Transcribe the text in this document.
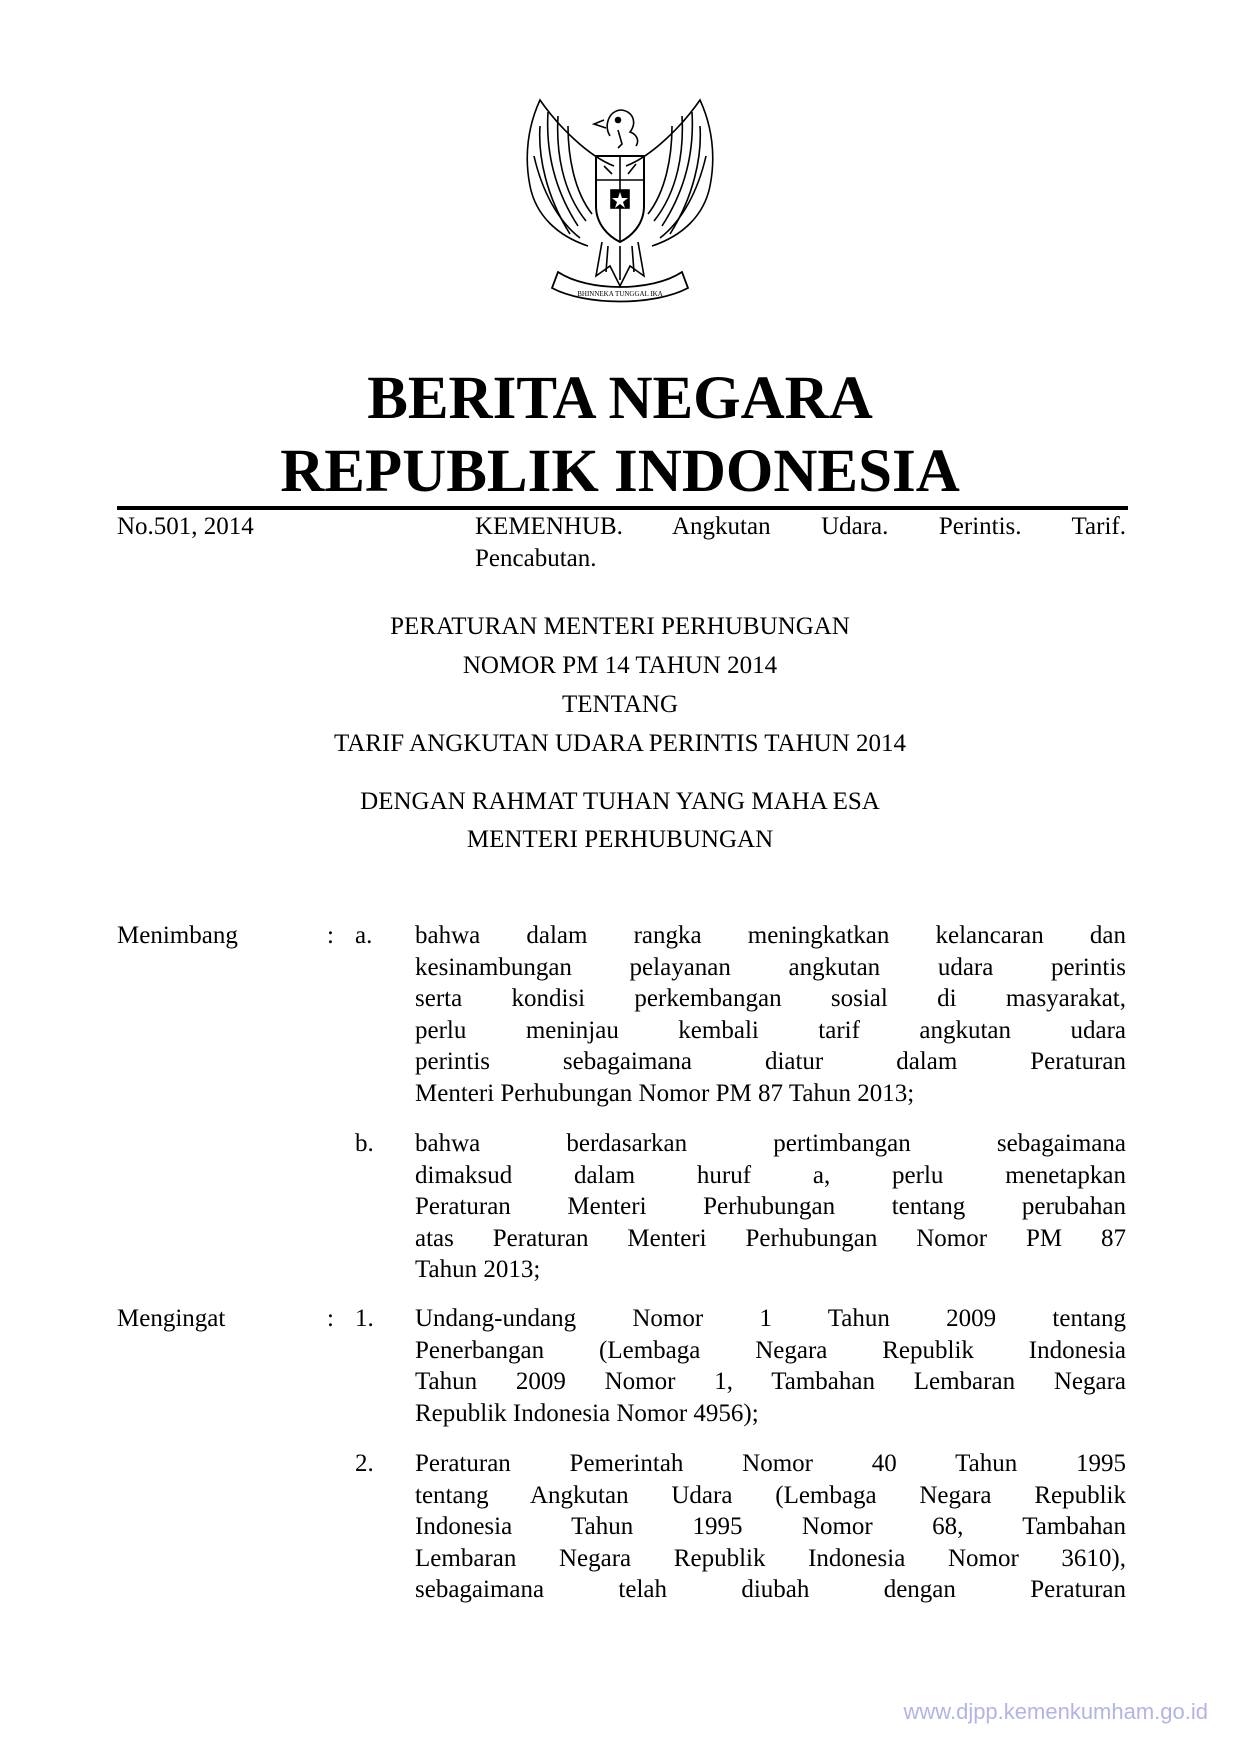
BHINNEKA TUNGGAL IKA
BERITA NEGARA
REPUBLIK INDONESIA
No.501, 2014	KEMENHUB. Angkutan Udara. Perintis. Tarif.
Pencabutan.
PERATURAN MENTERI PERHUBUNGAN
NOMOR PM 14 TAHUN 2014
TENTANG
TARIF ANGKUTAN UDARA PERINTIS TAHUN 2014
DENGAN RAHMAT TUHAN YANG MAHA ESA
MENTERI PERHUBUNGAN
Menimbang	: a. bahwa dalam rangka meningkatkan kelancaran dan
kesinambungan pelayanan angkutan udara perintis
serta kondisi perkembangan sosial di masyarakat,
perlu meninjau kembali tarif angkutan udara
perintis sebagaimana diatur dalam Peraturan
Menteri Perhubungan Nomor PM 87 Tahun 2013;
b. bahwa berdasarkan pertimbangan sebagaimana
dimaksud dalam huruf a, perlu menetapkan
Peraturan Menteri Perhubungan tentang perubahan
atas Peraturan Menteri Perhubungan Nomor PM 87
Tahun 2013;
Mengingat	: 1. Undang-undang Nomor 1 Tahun 2009 tentang
Penerbangan (Lembaga Negara Republik Indonesia
Tahun 2009 Nomor 1, Tambahan Lembaran Negara
Republik Indonesia Nomor 4956);
2. Peraturan Pemerintah Nomor 40 Tahun 1995
tentang Angkutan Udara (Lembaga Negara Republik
Indonesia Tahun 1995 Nomor 68, Tambahan
Lembaran Negara Republik Indonesia Nomor 3610),
sebagaimana telah diubah dengan Peraturan
www.djpp.kemenkumham.go.id
